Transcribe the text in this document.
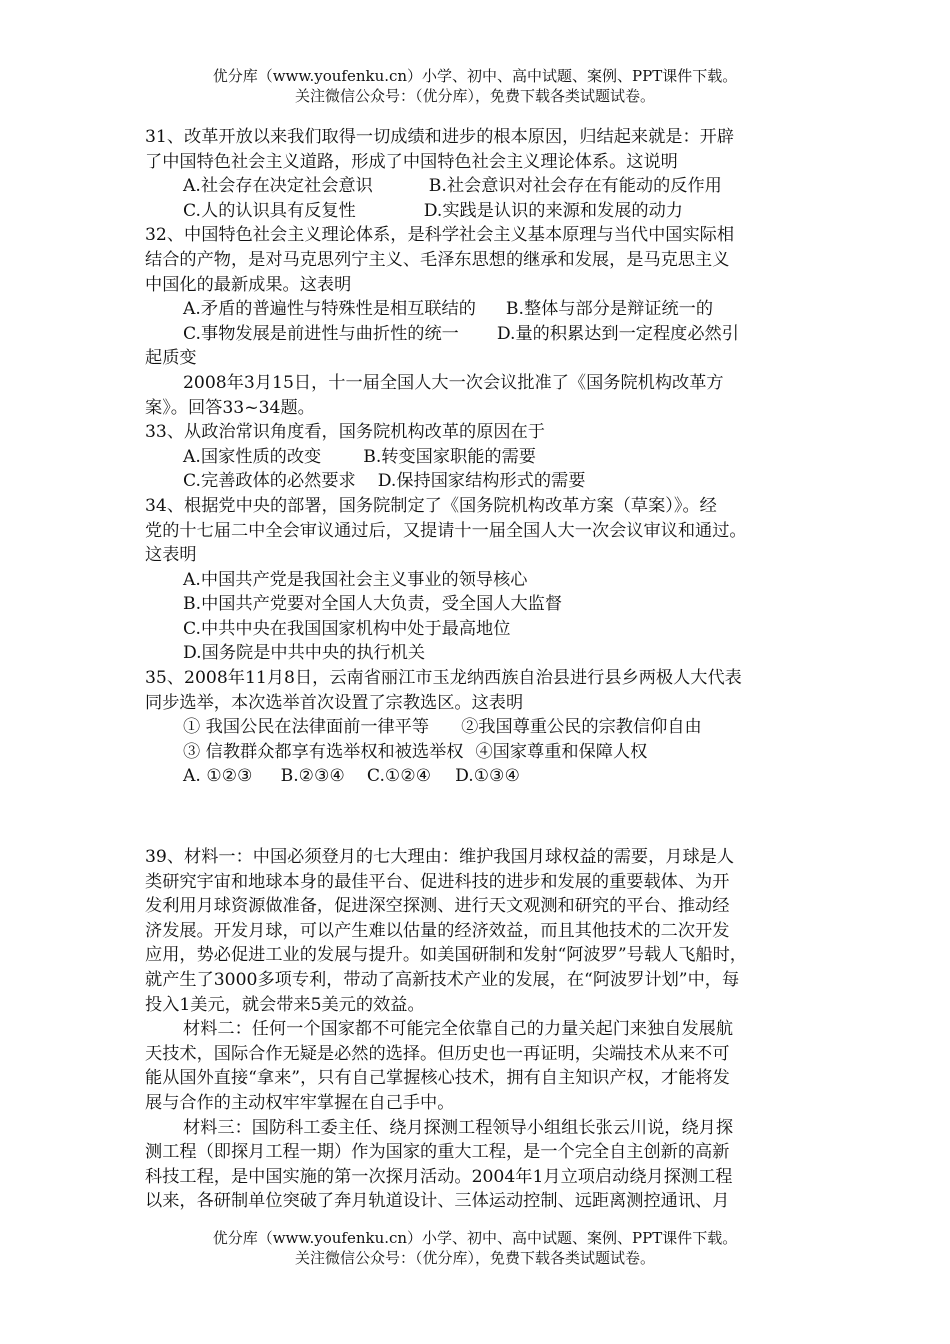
优分库（www.youfenku.cn）小学、初中、高中试题、案例、PPT课件下载。
关注微信公众号：（优分库），免费下载各类试题试卷。

31、改革开放以来我们取得一切成绩和进步的根本原因，归结起来就是：开辟

了中国特色社会主义道路，形成了中国特色社会主义理论体系。这说明

A.社会存在决定社会意识	B.社会意识对社会存在有能动的反作用

C.人的认识具有反复性	D.实践是认识的来源和发展的动力

32、中国特色社会主义理论体系，是科学社会主义基本原理与当代中国实际相

结合的产物，是对马克思列宁主义、毛泽东思想的继承和发展，是马克思主义

中国化的最新成果。这表明

A.矛盾的普遍性与特殊性是相互联结的 B.整体与部分是辩证统一的

C.事物发展是前进性与曲折性的统一 D.量的积累达到一定程度必然引

起质变

2008年3月15日，十一届全国人大一次会议批准了《国务院机构改革方

案》。回答33~34题。

33、从政治常识角度看，国务院机构改革的原因在于

A.国家性质的改变 B.转变国家职能的需要

C.完善政体的必然要求 D.保持国家结构形式的需要

34、根据党中央的部署，国务院制定了《国务院机构改革方案（草案）》。经

党的十七届二中全会审议通过后，又提请十一届全国人大一次会议审议和通过。

这表明

A.中国共产党是我国社会主义事业的领导核心

B.中国共产党要对全国人大负责，受全国人大监督

C.中共中央在我国国家机构中处于最高地位

D.国务院是中共中央的执行机关

35、2008年11月8日，云南省丽江市玉龙纳西族自治县进行县乡两极人大代表

同步选举，本次选举首次设置了宗教选区。这表明

① 我国公民在法律面前一律平等 ②我国尊重公民的宗教信仰自由

③ 信教群众都享有选举权和被选举权 ④国家尊重和保障人权

A. ①②③ B.②③④ C.①②④ D.①③④

39、材料一：中国必须登月的七大理由：维护我国月球权益的需要，月球是人

类研究宇宙和地球本身的最佳平台、促进科技的进步和发展的重要载体、为开

发利用月球资源做准备，促进深空探测、进行天文观测和研究的平台、推动经

济发展。开发月球，可以产生难以估量的经济效益，而且其他技术的二次开发

应用，势必促进工业的发展与提升。如美国研制和发射“阿波罗”号载人飞船时，

就产生了3000多项专利，带动了高新技术产业的发展，在“阿波罗计划”中，每

投入1美元，就会带来5美元的效益。

材料二：任何一个国家都不可能完全依靠自己的力量关起门来独自发展航

天技术，国际合作无疑是必然的选择。但历史也一再证明，尖端技术从来不可

能从国外直接“拿来”，只有自己掌握核心技术，拥有自主知识产权，才能将发

展与合作的主动权牢牢掌握在自己手中。

材料三：国防科工委主任、绕月探测工程领导小组组长张云川说，绕月探

测工程（即探月工程一期）作为国家的重大工程，是一个完全自主创新的高新

科技工程，是中国实施的第一次探月活动。2004年1月立项启动绕月探测工程

以来，各研制单位突破了奔月轨道设计、三体运动控制、远距离测控通讯、月

优分库（www.youfenku.cn）小学、初中、高中试题、案例、PPT课件下载。
关注微信公众号：（优分库），免费下载各类试题试卷。
